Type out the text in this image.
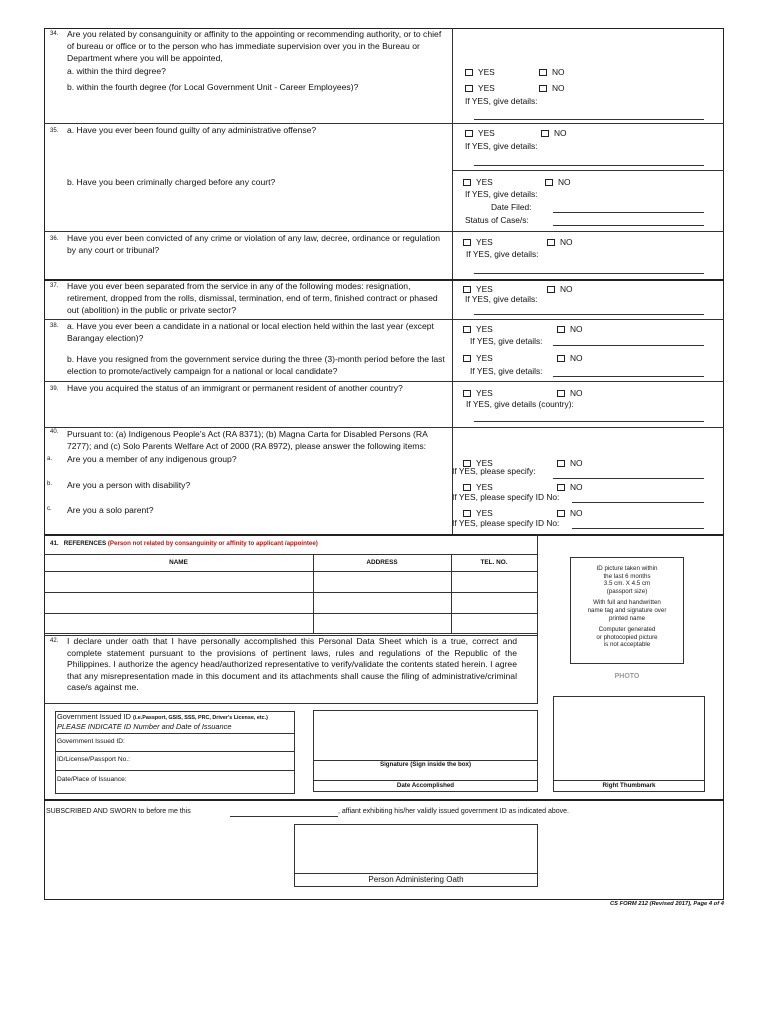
34. Are you related by consanguinity or affinity to the appointing or recommending authority, or to chief of bureau or office or to the person who has immediate supervision over you in the Bureau or Department where you will be appointed,
a. within the third degree?
b. within the fourth degree (for Local Government Unit - Career Employees)?
YES	NO
YES	NO
If YES, give details:
35. a. Have you ever been found guilty of any administrative offense?	YES	NO
If YES, give details:
b. Have you been criminally charged before any court?	YES	NO
If YES, give details:
Date Filed:
Status of Case/s:
36. Have you ever been convicted of any crime or violation of any law, decree, ordinance or regulation by any court or tribunal?
YES	NO
If YES, give details:
37. Have you ever been separated from the service in any of the following modes: resignation, retirement, dropped from the rolls, dismissal, termination, end of term, finished contract or phased out (abolition) in the public or private sector?
YES	NO
If YES, give details:
38. a. Have you ever been a candidate in a national or local election held within the last year (except Barangay election)?
YES	NO
If YES, give details:
b. Have you resigned from the government service during the three (3)-month period before the last election to promote/actively campaign for a national or local candidate?
YES	NO
If YES, give details:
39. Have you acquired the status of an immigrant or permanent resident of another country?	YES	NO
If YES, give details (country):
40. Pursuant to: (a) Indigenous People's Act (RA 8371); (b) Magna Carta for Disabled Persons (RA 7277); and (c) Solo Parents Welfare Act of 2000 (RA 8972), please answer the following items:
a. Are you a member of any indigenous group?	YES	NO
If YES, please specify:
b. Are you a person with disability?	YES	NO
If YES, please specify ID No:
c. Are you a solo parent?	YES	NO
If YES, please specify ID No:
41. REFERENCES (Person not related by consanguinity or affinity to applicant /appointee)
NAME	ADDRESS	TEL. NO.
ID picture taken within
the last 6 months
3.5 cm. X 4.5 cm
(passport size)
With full and handwritten
name tag and signature over
printed name
Computer generated
or photocopied picture
is not acceptable
PHOTO
42. I declare under oath that I have personally accomplished this Personal Data Sheet which is a true, correct and complete statement pursuant to the provisions of pertinent laws, rules and regulations of the Republic of the Philippines. I authorize the agency head/authorized representative to verify/validate the contents stated herein. I agree that any misrepresentation made in this document and its attachments shall cause the filing of administrative/criminal case/s against me.
Government Issued ID (i.e.Passport, GSIS, SSS, PRC, Driver's License, etc.)
PLEASE INDICATE ID Number and Date of Issuance
Government Issued ID:
ID/License/Passport No.:
Date/Place of Issuance:
Signature (Sign inside the box)
Date Accomplished	Right Thumbmark
SUBSCRIBED AND SWORN to before me this	, affiant exhibiting his/her validly issued government ID as indicated above.
Person Administering Oath
CS FORM 212 (Revised 2017), Page 4 of 4
